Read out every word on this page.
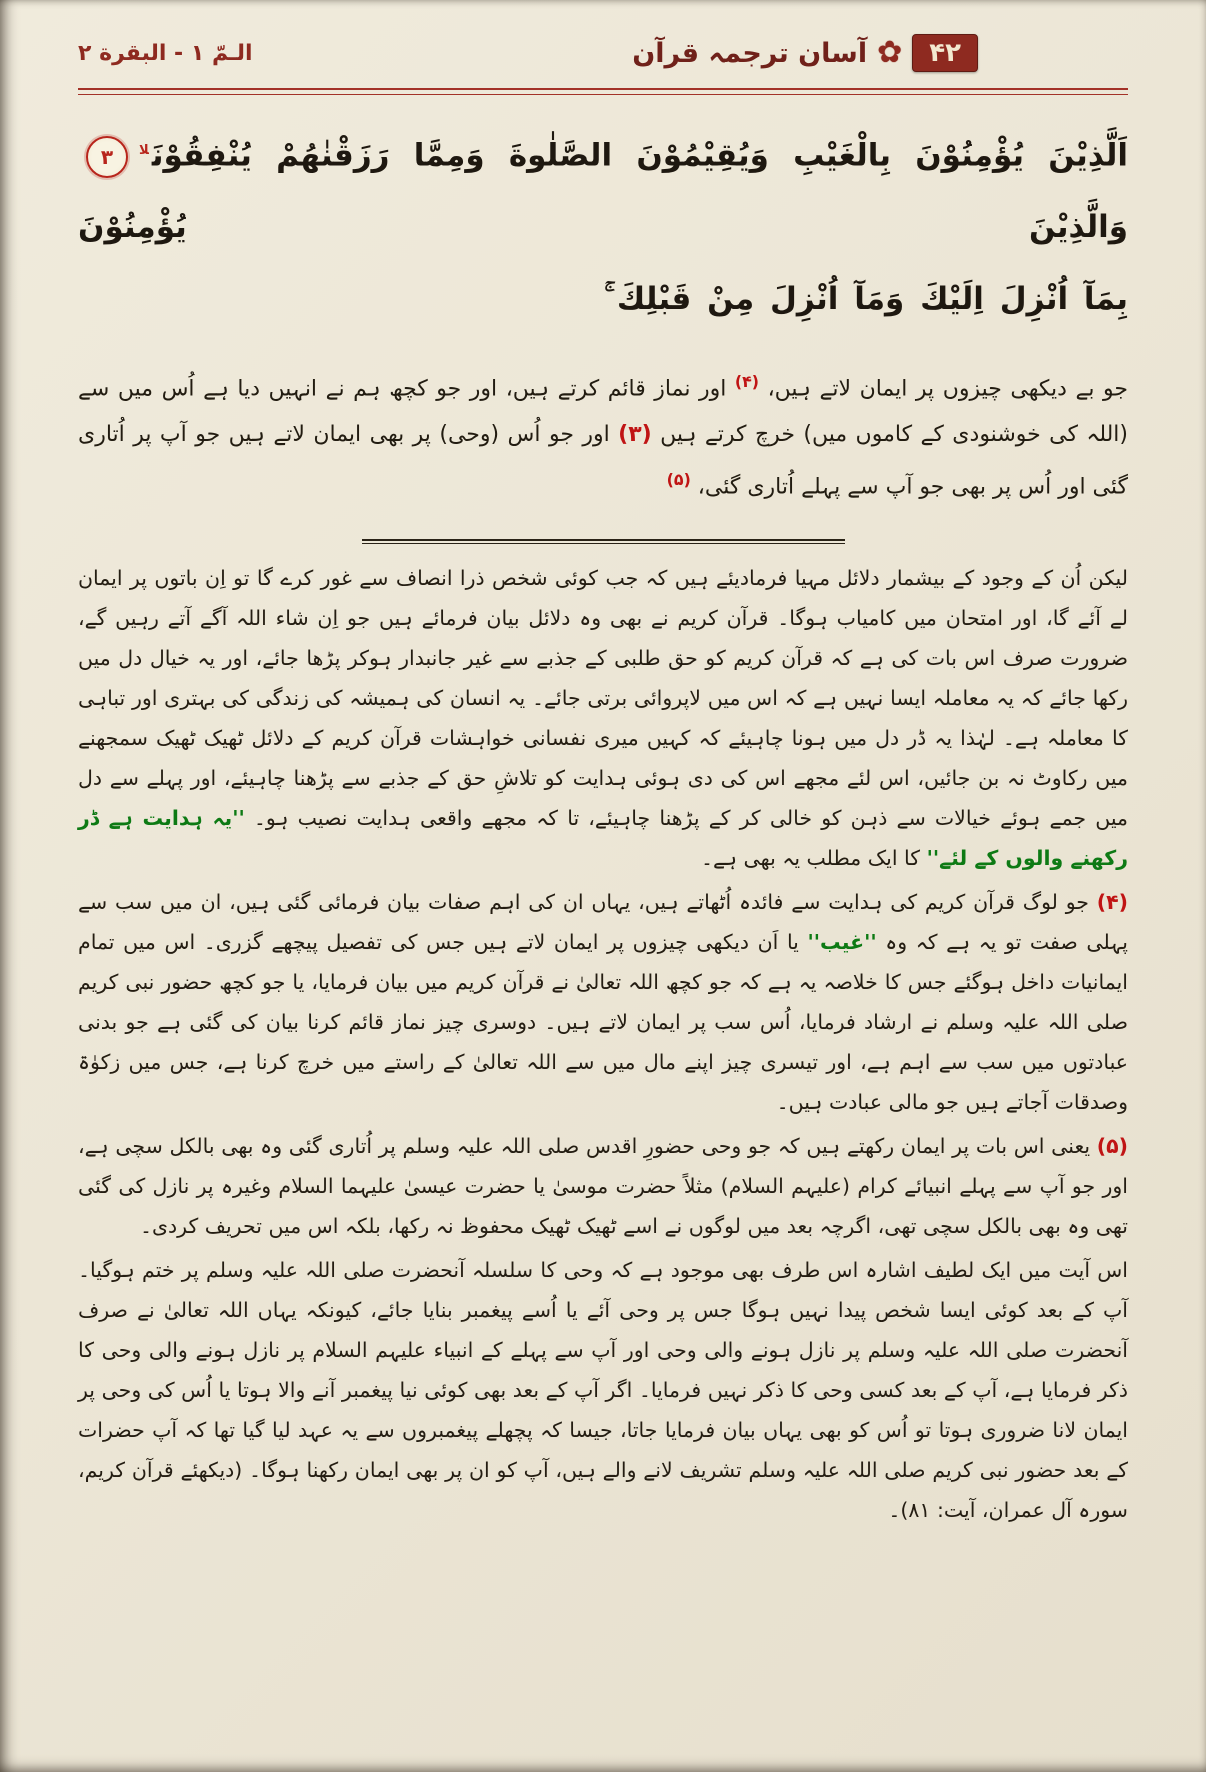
۴۲
✿
آسان ترجمہ قرآن
الـمّ ۱ - البقرة ۲
اَلَّذِيْنَ يُؤْمِنُوْنَ بِالْغَيْبِ وَيُقِيْمُوْنَ الصَّلٰوةَ وَمِمَّا رَزَقْنٰهُمْ يُنْفِقُوْنَ$^{لا}$۳ وَالَّذِيْنَ يُؤْمِنُوْنَ
بِمَآ اُنْزِلَ اِلَيْكَ وَمَآ اُنْزِلَ مِنْ قَبْلِكَ ۚ
جو بے دیکھی چیزوں پر ایمان لاتے ہیں، $^{(۴)}$ اور نماز قائم کرتے ہیں، اور جو کچھ ہم نے انہیں دیا ہے اُس میں سے (اللہ کی خوشنودی کے کاموں میں) خرچ کرتے ہیں (۳) اور جو اُس (وحی) پر بھی ایمان لاتے ہیں جو آپ پر اُتاری گئی اور اُس پر بھی جو آپ سے پہلے اُتاری گئی، $^{(۵)}$

لیکن اُن کے وجود کے بیشمار دلائل مہیا فرمادیئے ہیں کہ جب کوئی شخص ذرا انصاف سے غور کرے گا تو اِن باتوں پر ایمان لے آئے گا، اور امتحان میں کامیاب ہوگا۔ قرآن کریم نے بھی وہ دلائل بیان فرمائے ہیں جو اِن شاء اللہ آگے آتے رہیں گے، ضرورت صرف اس بات کی ہے کہ قرآن کریم کو حق طلبی کے جذبے سے غیر جانبدار ہوکر پڑھا جائے، اور یہ خیال دل میں رکھا جائے کہ یہ معاملہ ایسا نہیں ہے کہ اس میں لاپروائی برتی جائے۔ یہ انسان کی ہمیشہ کی زندگی کی بہتری اور تباہی کا معاملہ ہے۔ لہٰذا یہ ڈر دل میں ہونا چاہیئے کہ کہیں میری نفسانی خواہشات قرآن کریم کے دلائل ٹھیک ٹھیک سمجھنے میں رکاوٹ نہ بن جائیں، اس لئے مجھے اس کی دی ہوئی ہدایت کو تلاشِ حق کے جذبے سے پڑھنا چاہیئے، اور پہلے سے دل میں جمے ہوئے خیالات سے ذہن کو خالی کر کے پڑھنا چاہیئے، تا کہ مجھے واقعی ہدایت نصیب ہو۔ ''یہ ہدایت ہے ڈر رکھنے والوں کے لئے'' کا ایک مطلب یہ بھی ہے۔

(۴) جو لوگ قرآن کریم کی ہدایت سے فائدہ اُٹھاتے ہیں، یہاں ان کی اہم صفات بیان فرمائی گئی ہیں، ان میں سب سے پہلی صفت تو یہ ہے کہ وہ ''غیب'' یا اَن دیکھی چیزوں پر ایمان لاتے ہیں جس کی تفصیل پیچھے گزری۔ اس میں تمام ایمانیات داخل ہوگئے جس کا خلاصہ یہ ہے کہ جو کچھ اللہ تعالیٰ نے قرآن کریم میں بیان فرمایا، یا جو کچھ حضور نبی کریم صلی اللہ علیہ وسلم نے ارشاد فرمایا، اُس سب پر ایمان لاتے ہیں۔ دوسری چیز نماز قائم کرنا بیان کی گئی ہے جو بدنی عبادتوں میں سب سے اہم ہے، اور تیسری چیز اپنے مال میں سے اللہ تعالیٰ کے راستے میں خرچ کرنا ہے، جس میں زکوٰۃ وصدقات آجاتے ہیں جو مالی عبادت ہیں۔

(۵) یعنی اس بات پر ایمان رکھتے ہیں کہ جو وحی حضورِ اقدس صلی اللہ علیہ وسلم پر اُتاری گئی وہ بھی بالکل سچی ہے، اور جو آپ سے پہلے انبیائے کرام (علیہم السلام) مثلاً حضرت موسیٰ یا حضرت عیسیٰ علیہما السلام وغیرہ پر نازل کی گئی تھی وہ بھی بالکل سچی تھی، اگرچہ بعد میں لوگوں نے اسے ٹھیک ٹھیک محفوظ نہ رکھا، بلکہ اس میں تحریف کردی۔

اس آیت میں ایک لطیف اشارہ اس طرف بھی موجود ہے کہ وحی کا سلسلہ آنحضرت صلی اللہ علیہ وسلم پر ختم ہوگیا۔ آپ کے بعد کوئی ایسا شخص پیدا نہیں ہوگا جس پر وحی آئے یا اُسے پیغمبر بنایا جائے، کیونکہ یہاں اللہ تعالیٰ نے صرف آنحضرت صلی اللہ علیہ وسلم پر نازل ہونے والی وحی اور آپ سے پہلے کے انبیاء علیہم السلام پر نازل ہونے والی وحی کا ذکر فرمایا ہے، آپ کے بعد کسی وحی کا ذکر نہیں فرمایا۔ اگر آپ کے بعد بھی کوئی نیا پیغمبر آنے والا ہوتا یا اُس کی وحی پر ایمان لانا ضروری ہوتا تو اُس کو بھی یہاں بیان فرمایا جاتا، جیسا کہ پچھلے پیغمبروں سے یہ عہد لیا گیا تھا کہ آپ حضرات کے بعد حضور نبی کریم صلی اللہ علیہ وسلم تشریف لانے والے ہیں، آپ کو ان پر بھی ایمان رکھنا ہوگا۔ (دیکھئے قرآن کریم، سورہ آل عمران، آیت: ۸۱)۔
